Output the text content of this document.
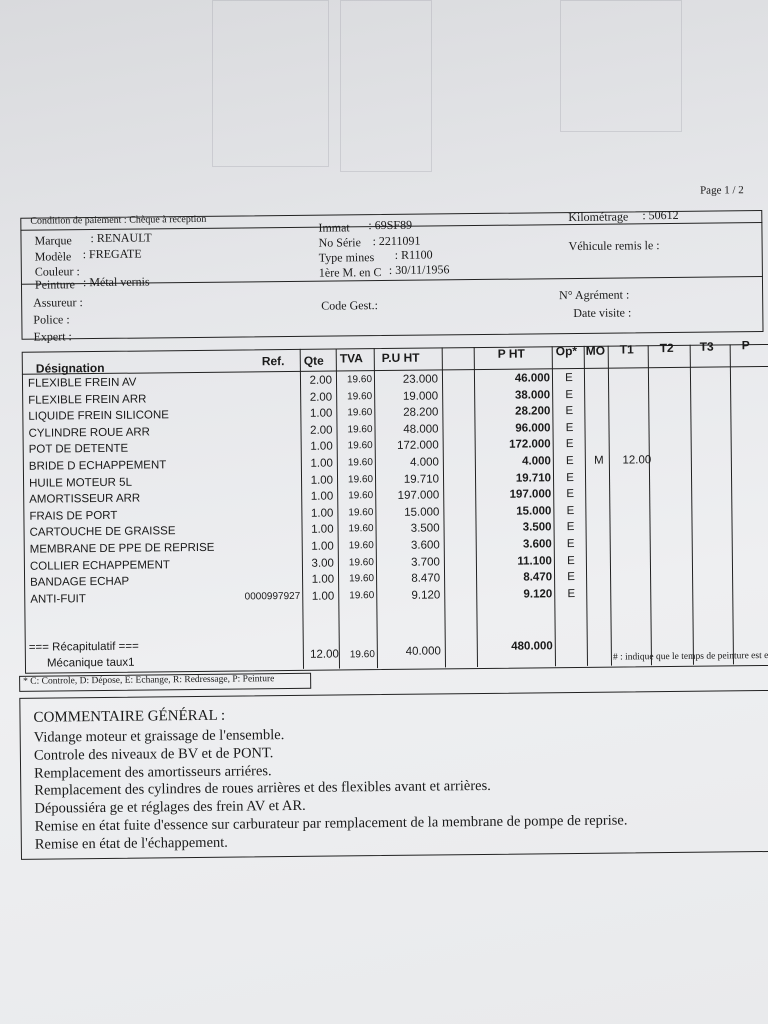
Page 1 / 2
Condition de paiement : Chèque à reception
Marque : RENAULT
Modèle : FREGATE
Couleur :
Peinture : Métal vernis
Immat : 69SF89
No Série : 2211091
Type mines : R1100
1ère M. en C : 30/11/1956
Kilométrage : 50612
Véhicule remis le :
Assureur :
Police :
Expert :
Code Gest.:
N° Agrément :
Date visite :
Désignation	Ref. Qte TVA P.U HT	P HT	Op* MO T1 T2 T3 P
FLEXIBLE FREIN AV	2.00	19.60	23.000	46.000 E
FLEXIBLE FREIN ARR	2.00	19.60	19.000	38.000 E
LIQUIDE FREIN SILICONE	1.00	19.60	28.200	28.200 E
CYLINDRE ROUE ARR	2.00	19.60	48.000	96.000 E
POT DE DETENTE	1.00	19.60	172.000	172.000 E
BRIDE D ECHAPPEMENT	1.00	19.60	4.000	4.000 E M 12.00
HUILE MOTEUR 5L	1.00	19.60	19.710	19.710 E
AMORTISSEUR ARR	1.00	19.60	197.000	197.000 E
FRAIS DE PORT	1.00	19.60	15.000	15.000 E
CARTOUCHE DE GRAISSE	1.00	19.60	3.500	3.500 E
MEMBRANE DE PPE DE REPRISE	1.00	19.60	3.600	3.600 E
COLLIER ECHAPPEMENT	3.00	19.60	3.700	11.100 E
BANDAGE ECHAP	1.00	19.60	8.470	8.470 E
ANTI-FUIT	0000997927 1.00	19.60	9.120	9.120 E
=== Récapitulatif ===
Mécanique taux1
12.00	19.60	40.000	480.000
# : indique que le temps de peinture est e
* C: Controle, D: Dépose, E: Echange, R: Redressage, P: Peinture
COMMENTAIRE GÉNÉRAL :
Vidange moteur et graissage de l'ensemble.
Controle des niveaux de BV et de PONT.
Remplacement des amortisseurs arriéres.
Remplacement des cylindres de roues arrières et des flexibles avant et arrières.
Dépoussiéra ge et réglages des frein AV et AR.
Remise en état fuite d'essence sur carburateur par remplacement de la membrane de pompe de reprise.
Remise en état de l'échappement.
